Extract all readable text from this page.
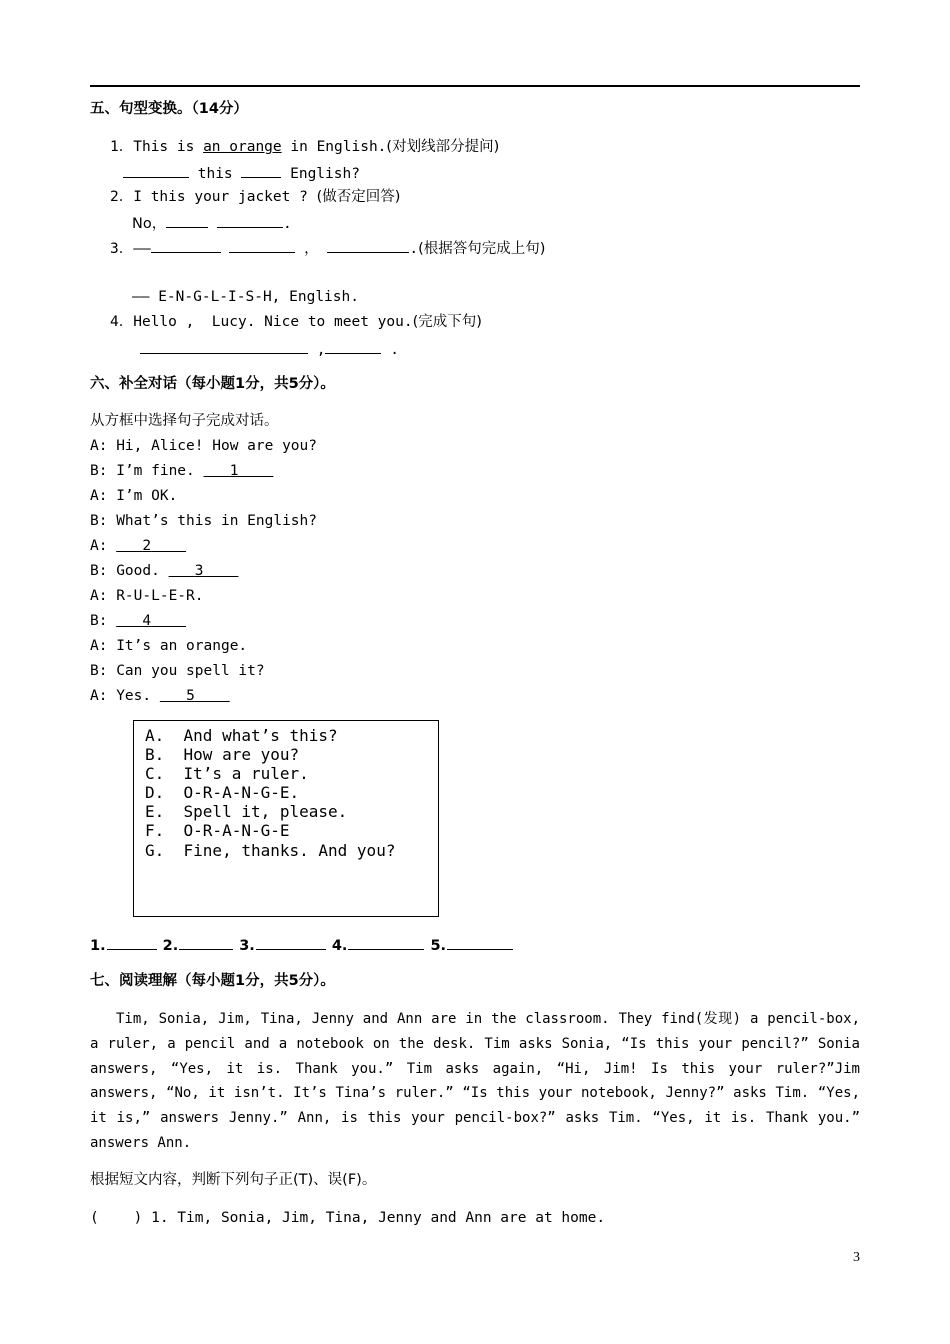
五、句型变换。（14分）
1．This is an orange in English.(对划线部分提问)
this	English?
2．I this your jacket ? (做否定回答)
No，	.
3．——	，	.(根据答句完成上句)
—— E-N-G-L-I-S-H, English.
4．Hello ,  Lucy. Nice to meet you.(完成下句)
,	.
六、补全对话（每小题1分，共5分）。
从方框中选择句子完成对话。
A: Hi, Alice! How are you?
B: I’m fine.    1
A: I’m OK.
B: What’s this in English?
A: 2
B: Good.    3
A: R-U-L-E-R.
B: 4
A: It’s an orange.
B: Can you spell it?
A: Yes.    5
A.  And what’s this?
B.  How are you?
C.  It’s a ruler.
D.  O-R-A-N-G-E.
E.  Spell it, please.
F.  O-R-A-N-G-E
G.  Fine, thanks. And you?
1.	2.	3.	4.	5.
七、阅读理解（每小题1分，共5分）。
Tim, Sonia, Jim, Tina, Jenny and Ann are in the classroom. They find(发现) a pencil-box, a ruler, a pencil and a notebook on the desk. Tim asks Sonia, “Is this your pencil?” Sonia answers, “Yes, it is. Thank you.” Tim asks again, “Hi, Jim! Is this your ruler?”Jim answers, “No, it isn’t. It’s Tina’s ruler.” “Is this your notebook, Jenny?” asks Tim. “Yes, it is,” answers Jenny.” Ann, is this your pencil-box?” asks Tim. “Yes, it is. Thank you.” answers Ann.
根据短文内容，判断下列句子正(T)、误(F)。
(    ) 1. Tim, Sonia, Jim, Tina, Jenny and Ann are at home.
3
